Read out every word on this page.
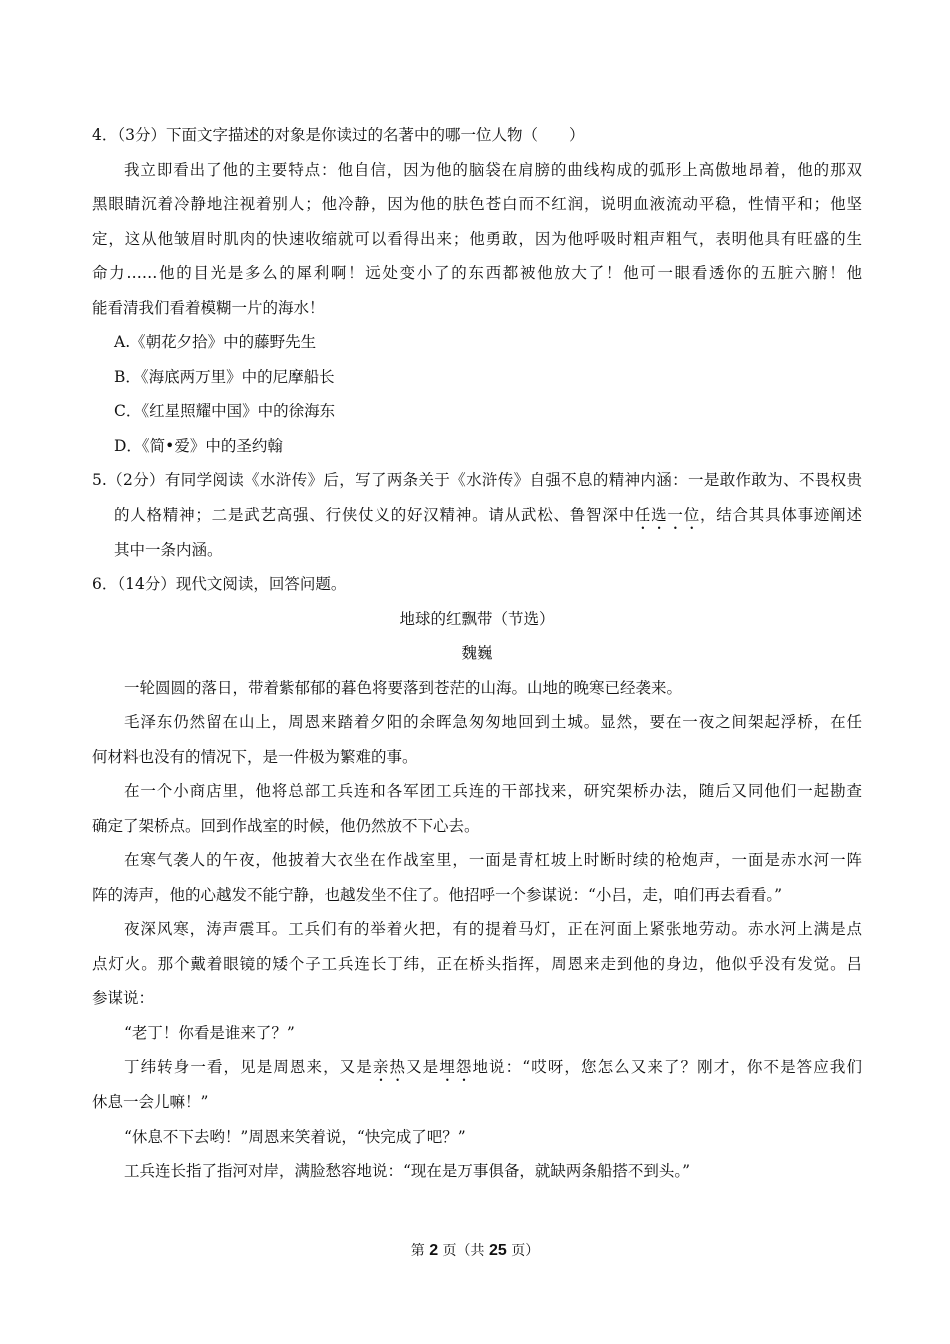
4．（3分）下面文字描述的对象是你读过的名著中的哪一位人物（　　）
我立即看出了他的主要特点：他自信，因为他的脑袋在肩膀的曲线构成的弧形上高傲地昂着，他的那双
黑眼睛沉着冷静地注视着别人；他冷静，因为他的肤色苍白而不红润，说明血液流动平稳，性情平和；他坚
定，这从他皱眉时肌肉的快速收缩就可以看得出来；他勇敢，因为他呼吸时粗声粗气，表明他具有旺盛的生
命力……他的目光是多么的犀利啊！远处变小了的东西都被他放大了！他可一眼看透你的五脏六腑！他
能看清我们看着模糊一片的海水！
A.《朝花夕拾》中的藤野先生
B．《海底两万里》中的尼摩船长
C．《红星照耀中国》中的徐海东
D．《简•爱》中的圣约翰
5.（2分）有同学阅读《水浒传》后，写了两条关于《水浒传》自强不息的精神内涵：一是敢作敢为、不畏权贵
的人格精神；二是武艺高强、行侠仗义的好汉精神。请从武松、鲁智深中任选一位，结合其具体事迹阐述
其中一条内涵。
6．（14分）现代文阅读，回答问题。
地球的红飘带（节选）
魏巍
一轮圆圆的落日，带着紫郁郁的暮色将要落到苍茫的山海。山地的晚寒已经袭来。
毛泽东仍然留在山上，周恩来踏着夕阳的余晖急匆匆地回到土城。显然，要在一夜之间架起浮桥，在任
何材料也没有的情况下，是一件极为繁难的事。
在一个小商店里，他将总部工兵连和各军团工兵连的干部找来，研究架桥办法，随后又同他们一起勘查
确定了架桥点。回到作战室的时候，他仍然放不下心去。
在寒气袭人的午夜，他披着大衣坐在作战室里，一面是青杠坡上时断时续的枪炮声，一面是赤水河一阵
阵的涛声，他的心越发不能宁静，也越发坐不住了。他招呼一个参谋说：“小吕，走，咱们再去看看。”
夜深风寒，涛声震耳。工兵们有的举着火把，有的提着马灯，正在河面上紧张地劳动。赤水河上满是点
点灯火。那个戴着眼镜的矮个子工兵连长丁纬，正在桥头指挥，周恩来走到他的身边，他似乎没有发觉。吕
参谋说：
“老丁！你看是谁来了？”
丁纬转身一看，见是周恩来，又是亲热又是埋怨地说：“哎呀，您怎么又来了？刚才，你不是答应我们
休息一会儿嘛！”
“休息不下去哟！”周恩来笑着说，“快完成了吧？”
工兵连长指了指河对岸，满脸愁容地说：“现在是万事俱备，就缺两条船搭不到头。”
第 2 页（共 25 页）
